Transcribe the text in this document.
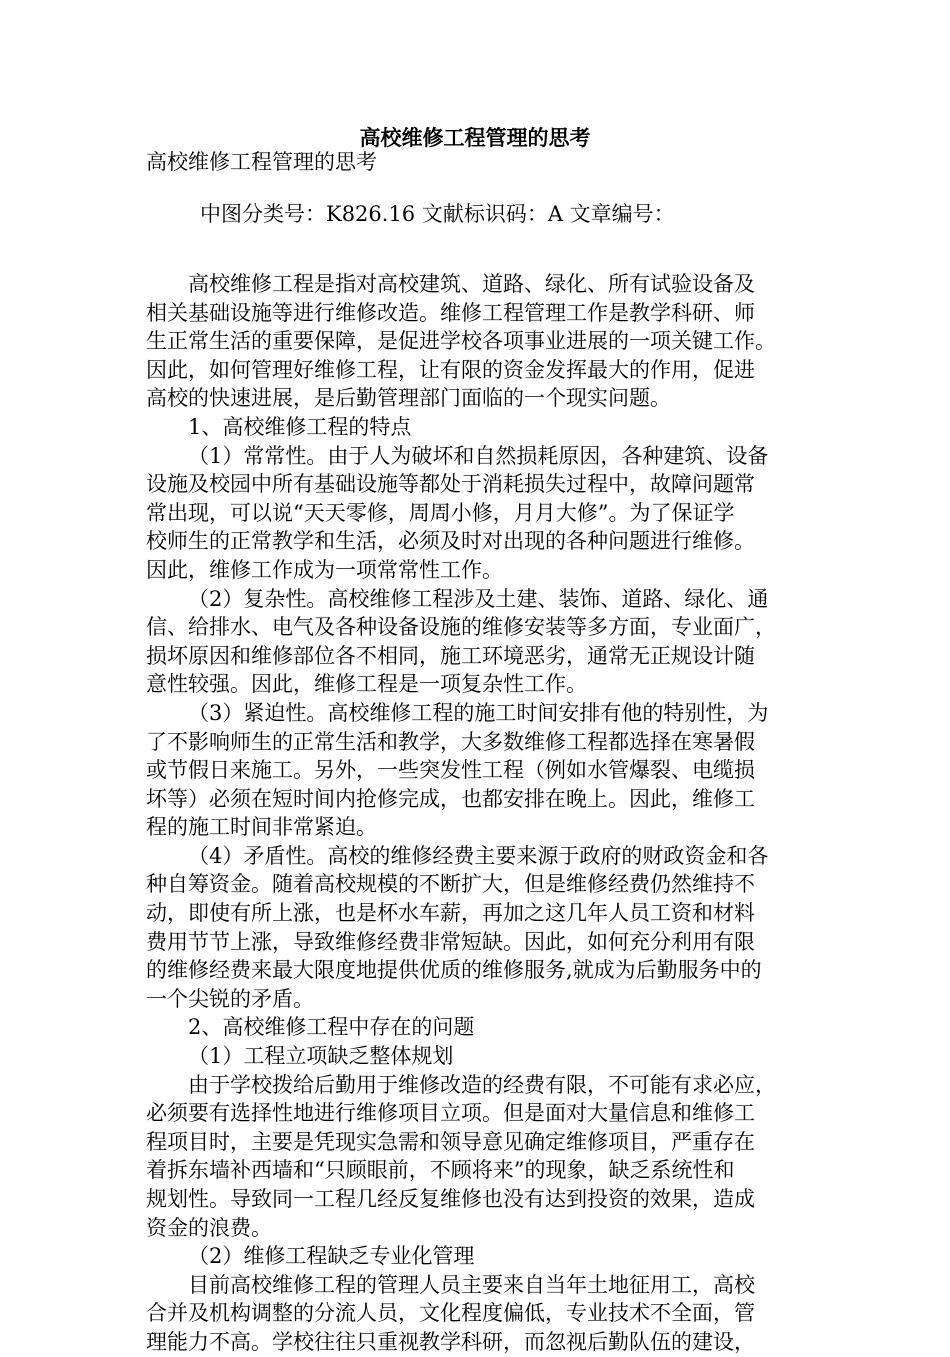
高校维修工程管理的思考
高校维修工程管理的思考
中图分类号：K826.16 文献标识码：A 文章编号：
高校维修工程是指对高校建筑、道路、绿化、所有试验设备及
相关基础设施等进行维修改造。维修工程管理工作是教学科研、师
生正常生活的重要保障，是促进学校各项事业进展的一项关键工作。
因此，如何管理好维修工程，让有限的资金发挥最大的作用，促进
高校的快速进展，是后勤管理部门面临的一个现实问题。
1、高校维修工程的特点
（1）常常性。由于人为破坏和自然损耗原因，各种建筑、设备
设施及校园中所有基础设施等都处于消耗损失过程中，故障问题常
常出现，可以说“天天零修，周周小修，月月大修”。为了保证学
校师生的正常教学和生活，必须及时对出现的各种问题进行维修。
因此，维修工作成为一项常常性工作。
（2）复杂性。高校维修工程涉及土建、装饰、道路、绿化、通
信、给排水、电气及各种设备设施的维修安装等多方面，专业面广，
损坏原因和维修部位各不相同，施工环境恶劣，通常无正规设计随
意性较强。因此，维修工程是一项复杂性工作。
（3）紧迫性。高校维修工程的施工时间安排有他的特别性，为
了不影响师生的正常生活和教学，大多数维修工程都选择在寒暑假
或节假日来施工。另外，一些突发性工程（例如水管爆裂、电缆损
坏等）必须在短时间内抢修完成，也都安排在晚上。因此，维修工
程的施工时间非常紧迫。
（4）矛盾性。高校的维修经费主要来源于政府的财政资金和各
种自筹资金。随着高校规模的不断扩大，但是维修经费仍然维持不
动，即使有所上涨，也是杯水车薪，再加之这几年人员工资和材料
费用节节上涨，导致维修经费非常短缺。因此，如何充分利用有限
的维修经费来最大限度地提供优质的维修服务,就成为后勤服务中的
一个尖锐的矛盾。
2、高校维修工程中存在的问题
（1）工程立项缺乏整体规划
由于学校拨给后勤用于维修改造的经费有限，不可能有求必应，
必须要有选择性地进行维修项目立项。但是面对大量信息和维修工
程项目时，主要是凭现实急需和领导意见确定维修项目，严重存在
着拆东墙补西墙和“只顾眼前，不顾将来”的现象，缺乏系统性和
规划性。导致同一工程几经反复维修也没有达到投资的效果，造成
资金的浪费。
（2）维修工程缺乏专业化管理
目前高校维修工程的管理人员主要来自当年土地征用工，高校
合并及机构调整的分流人员，文化程度偏低，专业技术不全面，管
理能力不高。学校往往只重视教学科研，而忽视后勤队伍的建设，
